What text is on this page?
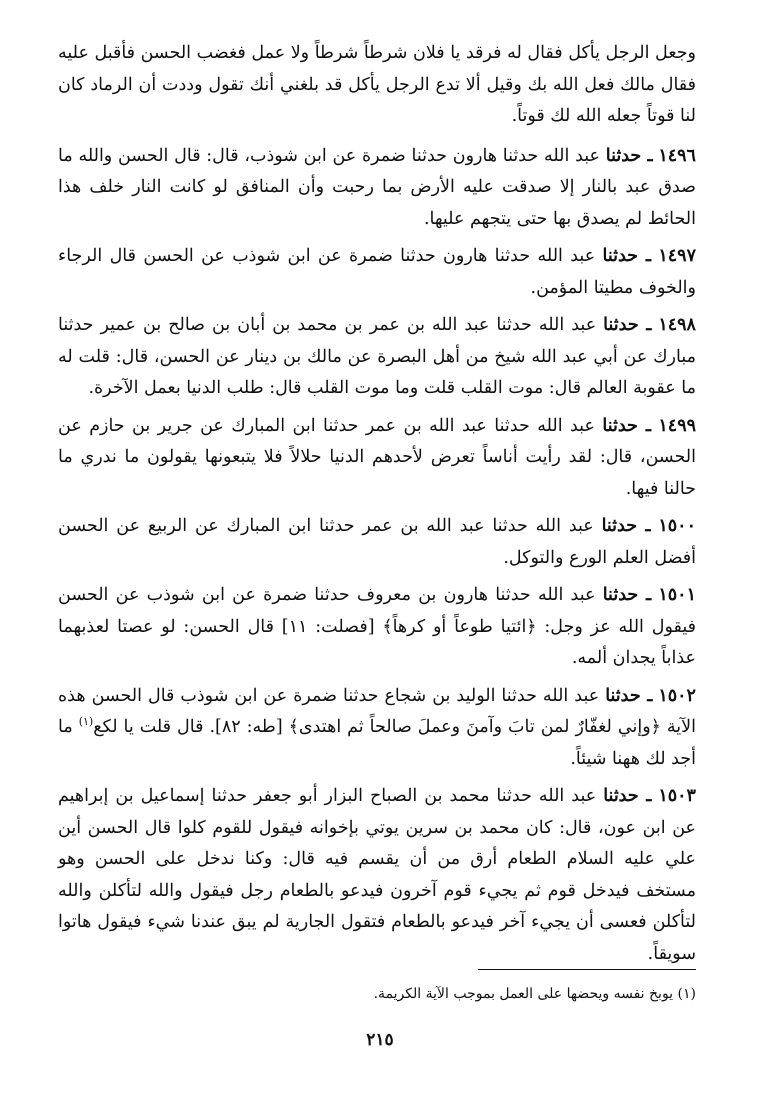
وجعل الرجل يأكل فقال له فرقد يا فلان شرطاً شرطاً ولا عمل فغضب الحسن فأقبل عليه فقال مالك فعل الله بك وقيل ألا تدع الرجل يأكل قد بلغني أنك تقول وددت أن الرماد كان لنا قوتاً جعله الله لك قوتاً.

١٤٩٦ ـ حدثنا عبد الله حدثنا هارون حدثنا ضمرة عن ابن شوذب، قال: قال الحسن والله ما صدق عبد بالنار إلا صدقت عليه الأرض بما رحبت وأن المنافق لو كانت النار خلف هذا الحائط لم يصدق بها حتى يتجهم عليها.

١٤٩٧ ـ حدثنا عبد الله حدثنا هارون حدثنا ضمرة عن ابن شوذب عن الحسن قال الرجاء والخوف مطيتا المؤمن.

١٤٩٨ ـ حدثنا عبد الله حدثنا عبد الله بن عمر بن محمد بن أبان بن صالح بن عمير حدثنا مبارك عن أبي عبد الله شيخ من أهل البصرة عن مالك بن دينار عن الحسن، قال: قلت له ما عقوبة العالم قال: موت القلب قلت وما موت القلب قال: طلب الدنيا بعمل الآخرة.

١٤٩٩ ـ حدثنا عبد الله حدثنا عبد الله بن عمر حدثنا ابن المبارك عن جرير بن حازم عن الحسن، قال: لقد رأيت أناساً تعرض لأحدهم الدنيا حلالاً فلا يتبعونها يقولون ما ندري ما حالنا فيها.

١٥٠٠ ـ حدثنا عبد الله حدثنا عبد الله بن عمر حدثنا ابن المبارك عن الربيع عن الحسن أفضل العلم الورع والتوكل.

١٥٠١ ـ حدثنا عبد الله حدثنا هارون بن معروف حدثنا ضمرة عن ابن شوذب عن الحسن فيقول الله عز وجل: ﴿ائتيا طوعاً أو كرهاً﴾ [فصلت: ١١] قال الحسن: لو عصتا لعذبهما عذاباً يجدان ألمه.

١٥٠٢ ـ حدثنا عبد الله حدثنا الوليد بن شجاع حدثنا ضمرة عن ابن شوذب قال الحسن هذه الآية ﴿وإني لغفّارٌ لمن تابَ وآمنَ وعملَ صالحاً ثم اهتدى﴾ [طه: ٨٢]. قال قلت يا لكع$^{(١)}$ ما أجد لك ههنا شيئاً.

١٥٠٣ ـ حدثنا عبد الله حدثنا محمد بن الصباح البزار أبو جعفر حدثنا إسماعيل بن إبراهيم عن ابن عون، قال: كان محمد بن سرين يوتي بإخوانه فيقول للقوم كلوا قال الحسن أين علي عليه السلام الطعام أرق من أن يقسم فيه قال: وكنا ندخل على الحسن وهو مستخف فيدخل قوم ثم يجيء قوم آخرون فيدعو بالطعام رجل فيقول والله لتأكلن والله لتأكلن فعسى أن يجيء آخر فيدعو بالطعام فتقول الجارية لم يبق عندنا شيء فيقول هاتوا سويقاً.

(١) يوبخ نفسه ويحضها على العمل بموجب الآية الكريمة.
٢١٥
